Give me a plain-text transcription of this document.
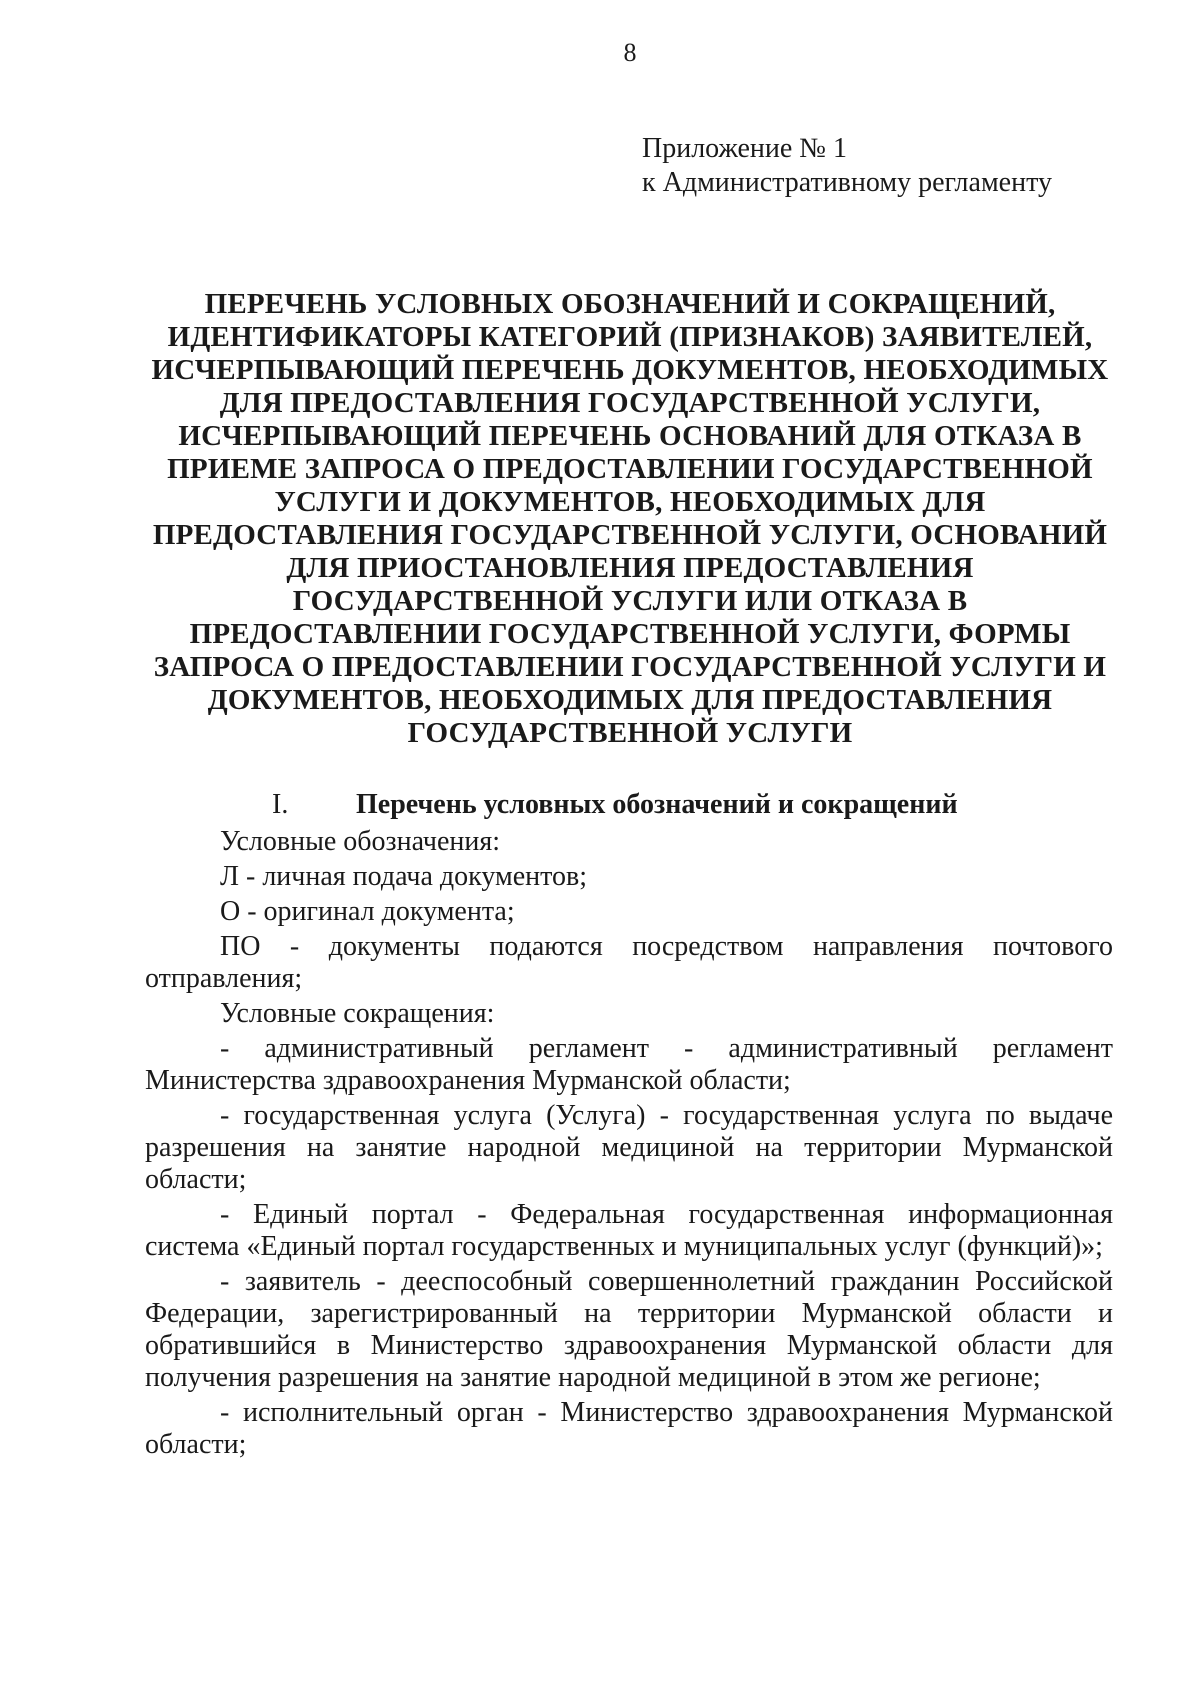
8
Приложение № 1
к Административному регламенту
ПЕРЕЧЕНЬ УСЛОВНЫХ ОБОЗНАЧЕНИЙ И СОКРАЩЕНИЙ,
ИДЕНТИФИКАТОРЫ КАТЕГОРИЙ (ПРИЗНАКОВ) ЗАЯВИТЕЛЕЙ,
ИСЧЕРПЫВАЮЩИЙ ПЕРЕЧЕНЬ ДОКУМЕНТОВ, НЕОБХОДИМЫХ
ДЛЯ ПРЕДОСТАВЛЕНИЯ ГОСУДАРСТВЕННОЙ УСЛУГИ,
ИСЧЕРПЫВАЮЩИЙ ПЕРЕЧЕНЬ ОСНОВАНИЙ ДЛЯ ОТКАЗА В
ПРИЕМЕ ЗАПРОСА О ПРЕДОСТАВЛЕНИИ ГОСУДАРСТВЕННОЙ
УСЛУГИ И ДОКУМЕНТОВ, НЕОБХОДИМЫХ ДЛЯ
ПРЕДОСТАВЛЕНИЯ ГОСУДАРСТВЕННОЙ УСЛУГИ, ОСНОВАНИЙ
ДЛЯ ПРИОСТАНОВЛЕНИЯ ПРЕДОСТАВЛЕНИЯ
ГОСУДАРСТВЕННОЙ УСЛУГИ ИЛИ ОТКАЗА В
ПРЕДОСТАВЛЕНИИ ГОСУДАРСТВЕННОЙ УСЛУГИ, ФОРМЫ
ЗАПРОСА О ПРЕДОСТАВЛЕНИИ ГОСУДАРСТВЕННОЙ УСЛУГИ И
ДОКУМЕНТОВ, НЕОБХОДИМЫХ ДЛЯ ПРЕДОСТАВЛЕНИЯ
ГОСУДАРСТВЕННОЙ УСЛУГИ
I. Перечень условных обозначений и сокращений

Условные обозначения:

Л - личная подача документов;

О - оригинал документа;

ПО - документы подаются посредством направления почтового отправления;

Условные сокращения:

- административный регламент - административный регламент Министерства здравоохранения Мурманской области;

- государственная услуга (Услуга) - государственная услуга по выдаче разрешения на занятие народной медициной на территории Мурманской области;

- Единый портал - Федеральная государственная информационная система «Единый портал государственных и муниципальных услуг (функций)»;

- заявитель - дееспособный совершеннолетний гражданин Российской Федерации, зарегистрированный на территории Мурманской области и обратившийся в Министерство здравоохранения Мурманской области для получения разрешения на занятие народной медициной в этом же регионе;

- исполнительный орган - Министерство здравоохранения Мурманской области;
